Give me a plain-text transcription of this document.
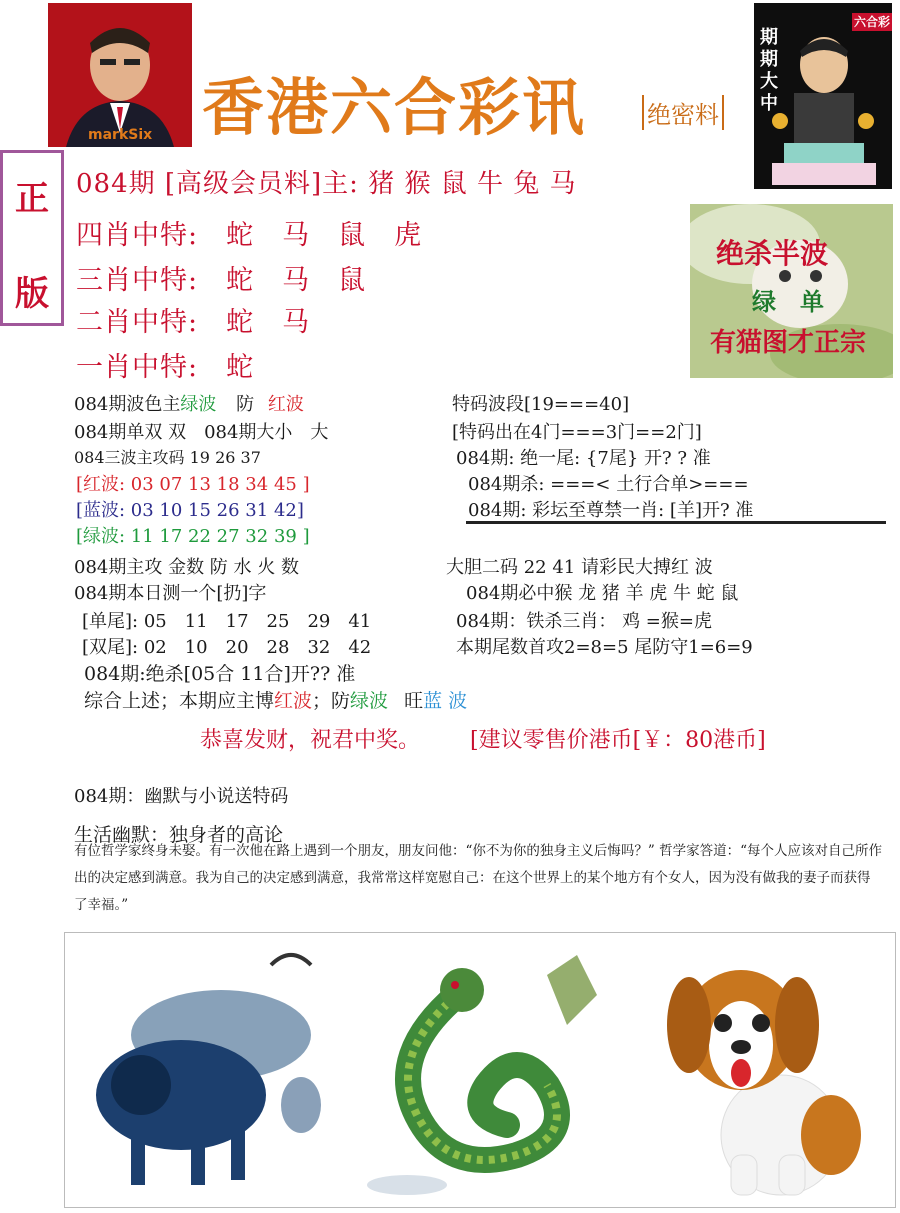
markSix 香港六合彩讯	绝密料
期期大中
六合彩
正
版
084期 [高级会员料]主: 猪 猴 鼠 牛 兔 马
四肖中特:　蛇　马　鼠　虎
三肖中特:　蛇　马　鼠
二肖中特:　蛇　马
一肖中特:　蛇
绝杀半波
绿　单
有猫图才正宗
084期波色主绿波 防 红波
084期单双 双　084期大小　大
084三波主攻码 19 26 37
[红波: 03 07 13 18 34 45 ]
[蓝波: 03 10 15 26 31 42]
[绿波: 11 17 22 27 32 39 ]
084期主攻 金数 防 水 火 数
084期本日测一个[扔]字
[单尾]: 05　11　17　25　29　41
[双尾]: 02　10　20　28　32　42
084期:绝杀[05合 11合]开?? 准
综合上述；本期应主博红波；防绿波 旺蓝 波
特码波段[19===40]
[特码出在4门===3门==2门]
084期: 绝一尾: {7尾} 开? ? 准
084期杀: ===< 土行合单>===
084期: 彩坛至尊禁一肖: [羊]开? 准
大胆二码 22 41 请彩民大搏红 波
084期必中猴 龙 猪 羊 虎 牛 蛇 鼠
084期：铁杀三肖： 鸡 =猴=虎
本期尾数首攻2=8=5 尾防守1=6=9
恭喜发财，祝君中奖。 [建议零售价港币[￥：80港币]
084期：幽默与小说送特码
生活幽默：独身者的高论
有位哲学家终身未娶。有一次他在路上遇到一个朋友，朋友问他：“你不为你的独身主义后悔吗？” 哲学家答道：“每个人应该对自己所作出的决定感到满意。我为自己的决定感到满意，我常常这样宽慰自己：在这个世界上的某个地方有个女人，因为没有做我的妻子而获得了幸福。”
